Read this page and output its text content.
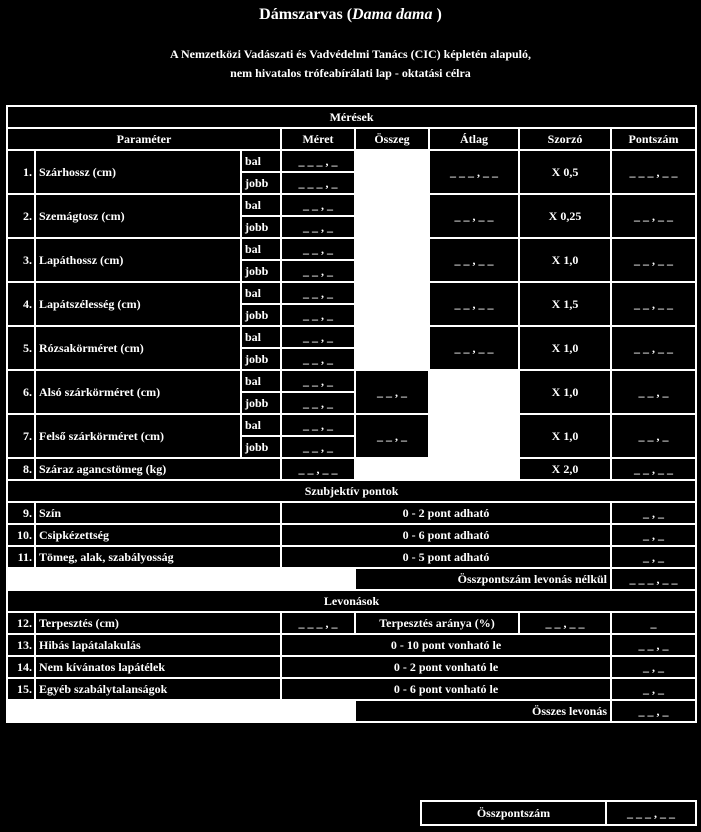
Dámszarvas (Dama dama )
A Nemzetközi Vadászati és Vadvédelmi Tanács (CIC) képletén alapuló,
nem hivatalos trófeabírálati lap - oktatási célra
Mérések							
Paraméter			Méret	Összeg	Átlag	Szorzó	Pontszám
1.	Szárhossz (cm)	bal	_ _ _ , _		_ _ _ , _ _	X 0,5	_ _ _ , _ _
		jobb	_ _ _ , _				
2.	Szemágtosz (cm)	bal	_ _ , _		_ _ , _ _	X 0,25	_ _ , _ _
		jobb	_ _ , _				
3.	Lapáthossz (cm)	bal	_ _ , _		_ _ , _ _	X 1,0	_ _ , _ _
		jobb	_ _ , _				
4.	Lapátszélesség (cm)	bal	_ _ , _		_ _ , _ _	X 1,5	_ _ , _ _
		jobb	_ _ , _				
5.	Rózsakörméret (cm)	bal	_ _ , _		_ _ , _ _	X 1,0	_ _ , _ _
		jobb	_ _ , _				
6.	Alsó szárkörméret (cm)	bal	_ _ , _	_ _ , _		X 1,0	_ _ , _
		jobb	_ _ , _				
7.	Felső szárkörméret (cm)	bal	_ _ , _	_ _ , _		X 1,0	_ _ , _
		jobb	_ _ , _				
8.	Száraz agancstömeg (kg)		_ _ , _ _			X 2,0	_ _ , _ _
Szubjektív pontok							
9.	Szín		0 - 2 pont adható				_ , _
10.	Csipkézettség		0 - 6 pont adható				_ , _
11.	Tömeg, alak, szabályosság		0 - 5 pont adható				_ , _
				Összpontszám levonás nélkül			_ _ _ , _ _
Levonások							
12.	Terpesztés (cm)		_ _ _ , _	Terpesztés aránya (%)		_ _ , _ _	_
13.	Hibás lapátalakulás		0 - 10 pont vonható le				_ _ , _
14.	Nem kívánatos lapátélek		0 - 2 pont vonható le				_ , _
15.	Egyéb szabálytalanságok		0 - 6 pont vonható le				_ , _
				Összes levonás			_ _ , _
Összpontszám	_ _ _ , _ _
